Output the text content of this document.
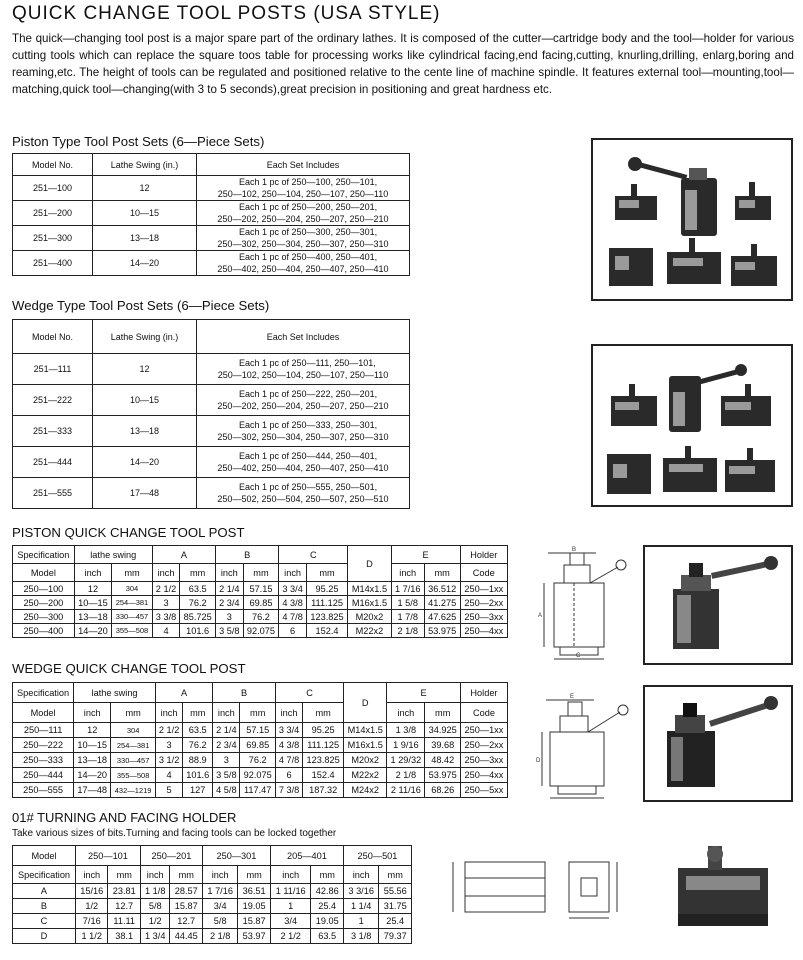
QUICK CHANGE TOOL POSTS (USA STYLE)

The quick—changing tool post is a major spare part of the ordinary lathes. It is composed of the cutter—cartridge body and the tool—holder for various cutting tools which can replace the square toos table for processing works like cylindrical facing,end facing,cutting, knurling,drilling, enlarg,boring and reaming,etc. The height of tools can be regulated and positioned relative to the cente line of machine spindle. It features external tool—mounting,tool—matching,quick tool—changing(with 3 to 5 seconds),great precision in positioning and great hardness etc.

Piston Type Tool Post Sets (6—Piece Sets)
Model No.	Lathe Swing (in.)	Each Set Includes
251—100	12	Each 1 pc of 250—100, 250—101,
250—102, 250—104, 250—107, 250—110

251—200	10—15	Each 1 pc of 250—200, 250—201,
250—202, 250—204, 250—207, 250—210

251—300	13—18	Each 1 pc of 250—300, 250—301,
250—302, 250—304, 250—307, 250—310

251—400	14—20	Each 1 pc of 250—400, 250—401,
250—402, 250—404, 250—407, 250—410
Wedge Type Tool Post Sets (6—Piece Sets)
Model No.	Lathe Swing (in.)	Each Set Includes
251—111	12	Each 1 pc of 250—111, 250—101,
250—102, 250—104, 250—107, 250—110

251—222	10—15	Each 1 pc of 250—222, 250—201,
250—202, 250—204, 250—207, 250—210

251—333	13—18	Each 1 pc of 250—333, 250—301,
250—302, 250—304, 250—307, 250—310

251—444	14—20	Each 1 pc of 250—444, 250—401,
250—402, 250—404, 250—407, 250—410

251—555	17—48	Each 1 pc of 250—555, 250—501,
250—502, 250—504, 250—507, 250—510
PISTON QUICK CHANGE TOOL POST
Specification	lathe swing		A		B		C		D	E		Holder
Model	inch	mm	inch	mm	inch	mm	inch	mm		inch	mm	Code
250—100	12	304	2 1/2	63.5	2 1/4	57.15	3 3/4	95.25	M14x1.5	1 7/16	36.512	250—1xx
250—200	10—15	254—381	3	76.2	2 3/4	69.85	4 3/8	111.125	M16x1.5	1 5/8	41.275	250—2xx
250—300	13—18	330—457	3 3/8	85.725	3	76.2	4 7/8	123.825	M20x2	1 7/8	47.625	250—3xx
250—400	14—20	355—508	4	101.6	3 5/8	92.075	6	152.4	M22x2	2 1/8	53.975	250—4xx
A
B
C
WEDGE QUICK CHANGE TOOL POST
Specification	lathe swing		A		B		C		D	E		Holder
Model	inch	mm	inch	mm	inch	mm	inch	mm		inch	mm	Code
250—111	12	304	2 1/2	63.5	2 1/4	57.15	3 3/4	95.25	M14x1.5	1 3/8	34.925	250—1xx
250—222	10—15	254—381	3	76.2	2 3/4	69.85	4 3/8	111.125	M16x1.5	1 9/16	39.68	250—2xx
250—333	13—18	330—457	3 1/2	88.9	3	76.2	4 7/8	123.825	M20x2	1 29/32	48.42	250—3xx
250—444	14—20	355—508	4	101.6	3 5/8	92.075	6	152.4	M22x2	2 1/8	53.975	250—4xx
250—555	17—48	432—1219	5	127	4 5/8	117.47	7 3/8	187.32	M24x2	2 11/16	68.26	250—5xx
D
E
01# TURNING AND FACING HOLDER

Take various sizes of bits.Turning and facing tools can be locked together

Model	250—101		250—201		250—301		205—401		250—501	
Specification	inch	mm	inch	mm	inch	mm	inch	mm	inch	mm
A	15/16	23.81	1 1/8	28.57	1 7/16	36.51	1 11/16	42.86	3 3/16	55.56
B	1/2	12.7	5/8	15.87	3/4	19.05	1	25.4	1 1/4	31.75
C	7/16	11.11	1/2	12.7	5/8	15.87	3/4	19.05	1	25.4
D	1 1/2	38.1	1 3/4	44.45	2 1/8	53.97	2 1/2	63.5	3 1/8	79.37
